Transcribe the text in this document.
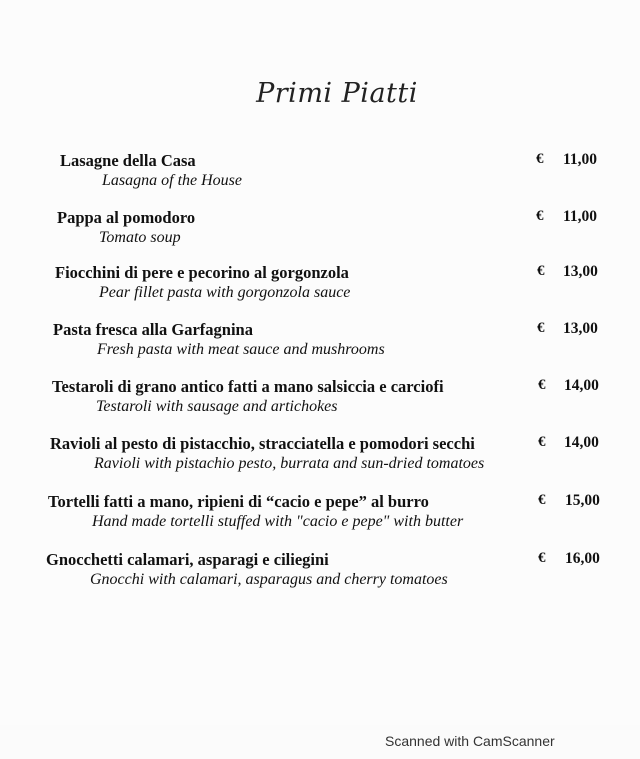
Primi Piatti
Lasagne della Casa
Lasagna of the House
€ 11,00
Pappa al pomodoro
Tomato soup
€ 11,00
Fiocchini di pere e pecorino al gorgonzola
Pear fillet pasta with gorgonzola sauce
€ 13,00
Pasta fresca alla Garfagnina
Fresh pasta with meat sauce and mushrooms
€ 13,00
Testaroli di grano antico fatti a mano salsiccia e carciofi
Testaroli with sausage and artichokes
€ 14,00
Ravioli al pesto di pistacchio, stracciatella e pomodori secchi
Ravioli with pistachio pesto, burrata and sun-dried tomatoes
€ 14,00
Tortelli fatti a mano, ripieni di “cacio e pepe” al burro
Hand made tortelli stuffed with "cacio e pepe" with butter
€ 15,00
Gnocchetti calamari, asparagi e ciliegini
Gnocchi with calamari, asparagus and cherry tomatoes
€ 16,00
Scanned with CamScanner
